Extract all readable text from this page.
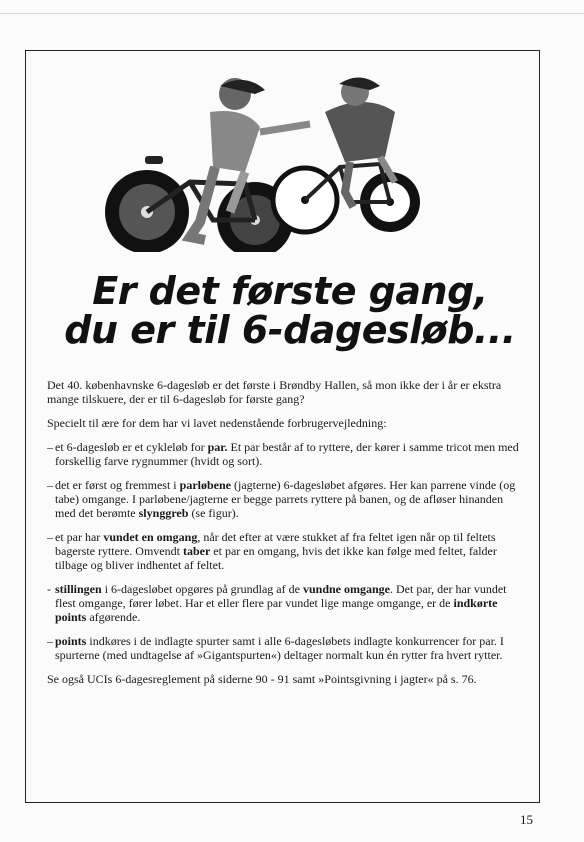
Er det første gang,
du er til 6-dagesløb...

Det 40. københavnske 6-dagesløb er det første i Brøndby Hallen, så mon ikke der i år er ekstra mange tilskuere, der er til 6-dagesløb for første gang?

Specielt til ære for dem har vi lavet nedenstående forbrugervejledning:

– et 6-dagesløb er et cykleløb for par. Et par består af to ryttere, der kører i samme tricot men med forskellig farve rygnummer (hvidt og sort).
– det er først og fremmest i parløbene (jagterne) 6-dagesløbet afgøres. Her kan parrene vinde (og tabe) omgange. I parløbene/jagterne er begge parrets ryttere på banen, og de afløser hinanden med det berømte slynggreb (se figur).
– et par har vundet en omgang, når det efter at være stukket af fra feltet igen når op til feltets bagerste ryttere. Omvendt taber et par en omgang, hvis det ikke kan følge med feltet, falder tilbage og bliver indhentet af feltet.
- stillingen i 6-dagesløbet opgøres på grundlag af de vundne omgange. Det par, der har vundet flest omgange, fører løbet. Har et eller flere par vundet lige mange omgange, er de indkørte points afgørende.
– points indkøres i de indlagte spurter samt i alle 6-dagesløbets indlagte konkurrencer for par. I spurterne (med undtagelse af »Gigantspurten«) deltager normalt kun én rytter fra hvert rytter.

Se også UCIs 6-dagesreglement på siderne 90 - 91 samt »Pointsgivning i jagter« på s. 76.

15
